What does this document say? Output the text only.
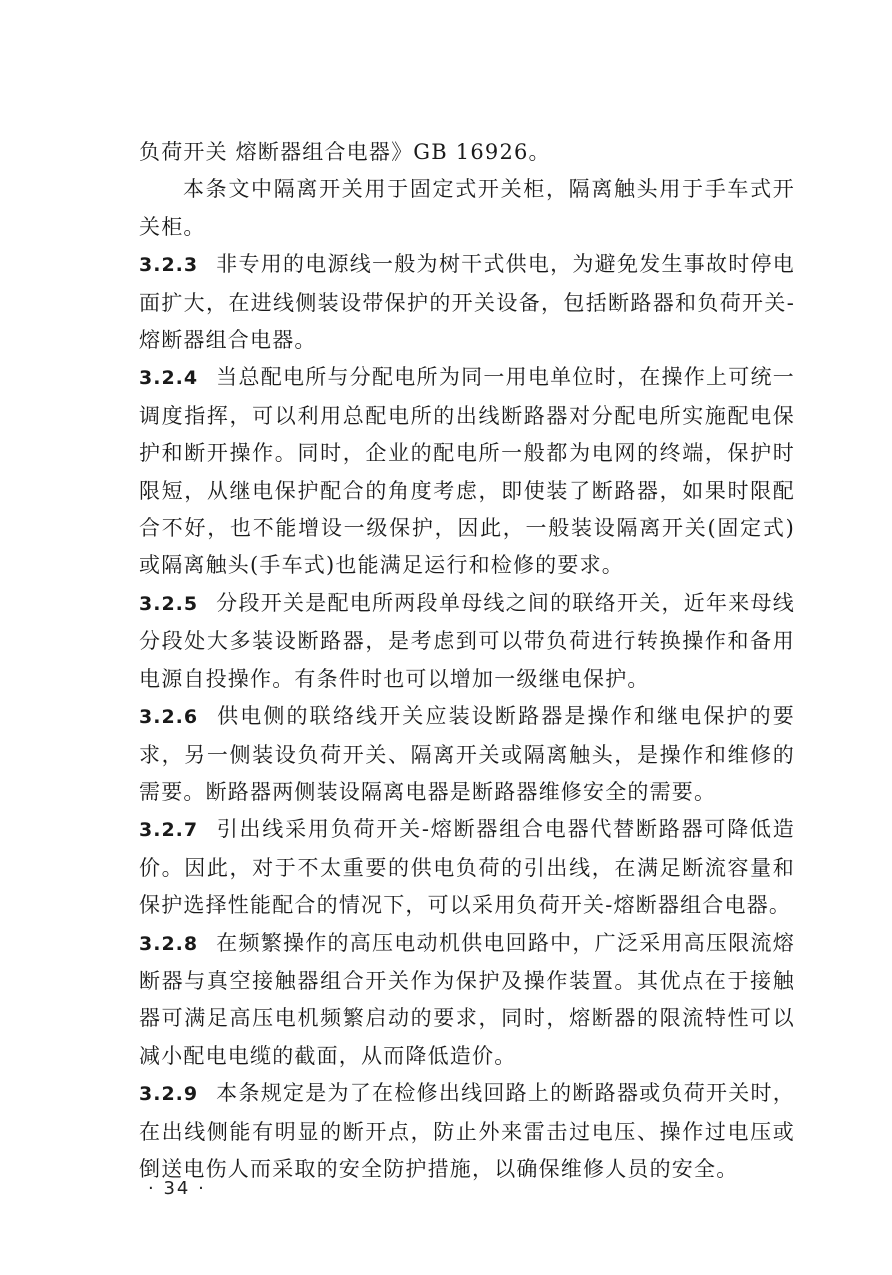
负荷开关 熔断器组合电器》GB 16926。

本条文中隔离开关用于固定式开关柜，隔离触头用于手车式开关柜。

3.2.3 非专用的电源线一般为树干式供电，为避免发生事故时停电面扩大，在进线侧装设带保护的开关设备，包括断路器和负荷开关-熔断器组合电器。

3.2.4 当总配电所与分配电所为同一用电单位时，在操作上可统一调度指挥，可以利用总配电所的出线断路器对分配电所实施配电保护和断开操作。同时，企业的配电所一般都为电网的终端，保护时限短，从继电保护配合的角度考虑，即使装了断路器，如果时限配合不好，也不能增设一级保护，因此，一般装设隔离开关(固定式)或隔离触头(手车式)也能满足运行和检修的要求。

3.2.5 分段开关是配电所两段单母线之间的联络开关，近年来母线分段处大多装设断路器，是考虑到可以带负荷进行转换操作和备用电源自投操作。有条件时也可以增加一级继电保护。

3.2.6 供电侧的联络线开关应装设断路器是操作和继电保护的要求，另一侧装设负荷开关、隔离开关或隔离触头，是操作和维修的需要。断路器两侧装设隔离电器是断路器维修安全的需要。

3.2.7 引出线采用负荷开关-熔断器组合电器代替断路器可降低造价。因此，对于不太重要的供电负荷的引出线，在满足断流容量和保护选择性能配合的情况下，可以采用负荷开关-熔断器组合电器。

3.2.8 在频繁操作的高压电动机供电回路中，广泛采用高压限流熔断器与真空接触器组合开关作为保护及操作装置。其优点在于接触器可满足高压电机频繁启动的要求，同时，熔断器的限流特性可以减小配电电缆的截面，从而降低造价。

3.2.9 本条规定是为了在检修出线回路上的断路器或负荷开关时，在出线侧能有明显的断开点，防止外来雷击过电压、操作过电压或倒送电伤人而采取的安全防护措施，以确保维修人员的安全。

· 34 ·
